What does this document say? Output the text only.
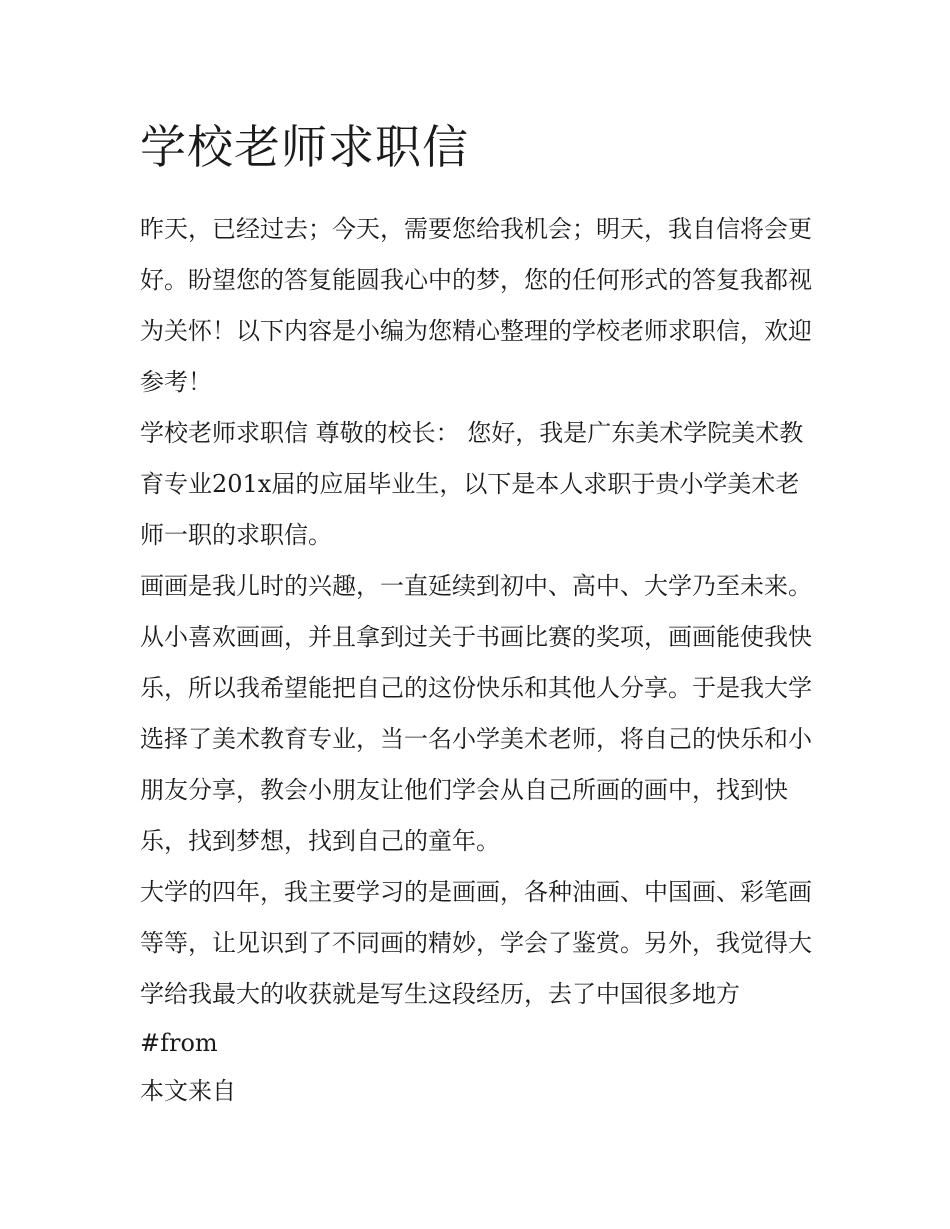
学校老师求职信

昨天，已经过去；今天，需要您给我机会；明天，我自信将会更好。盼望您的答复能圆我心中的梦，您的任何形式的答复我都视为关怀！以下内容是小编为您精心整理的学校老师求职信，欢迎参考！

学校老师求职信 尊敬的校长： 您好，我是广东美术学院美术教育专业201x届的应届毕业生，以下是本人求职于贵小学美术老师一职的求职信。

画画是我儿时的兴趣，一直延续到初中、高中、大学乃至未来。从小喜欢画画，并且拿到过关于书画比赛的奖项，画画能使我快乐，所以我希望能把自己的这份快乐和其他人分享。于是我大学选择了美术教育专业，当一名小学美术老师，将自己的快乐和小朋友分享，教会小朋友让他们学会从自己所画的画中，找到快乐，找到梦想，找到自己的童年。

大学的四年，我主要学习的是画画，各种油画、中国画、彩笔画等等，让见识到了不同画的精妙，学会了鉴赏。另外，我觉得大学给我最大的收获就是写生这段经历，去了中国很多地方

#from

本文来自
